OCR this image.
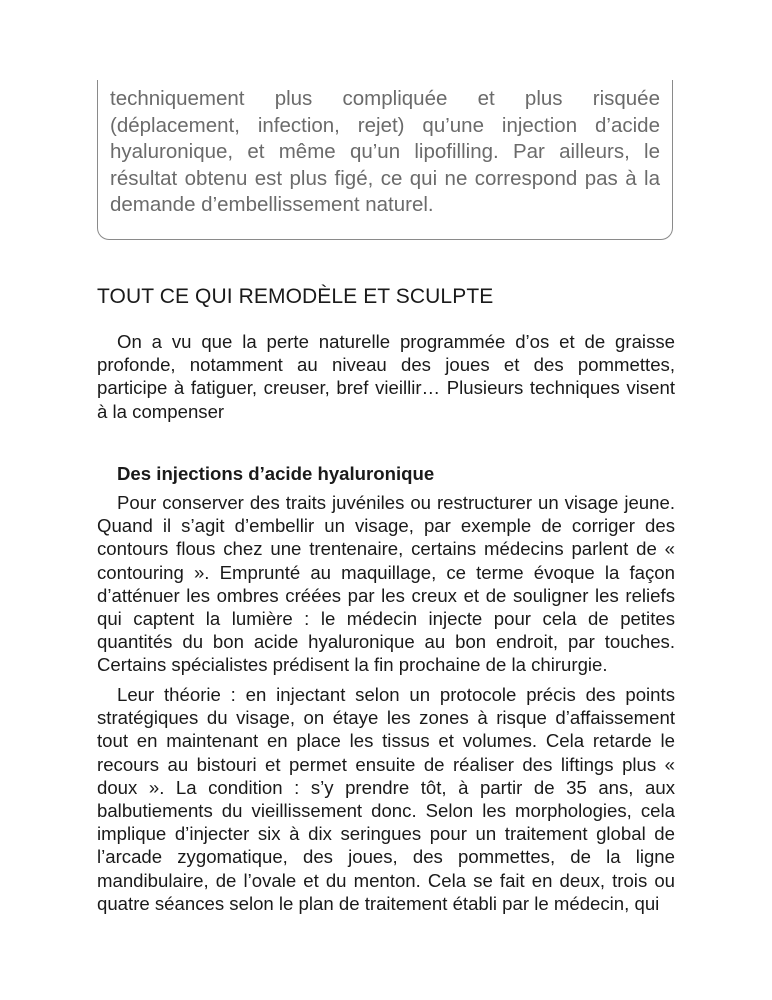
techniquement plus compliquée et plus risquée (déplacement, infection, rejet) qu’une injection d’acide hyaluronique, et même qu’un lipofilling. Par ailleurs, le résultat obtenu est plus figé, ce qui ne correspond pas à la demande d’embellissement naturel.

TOUT CE QUI REMODÈLE ET SCULPTE

On a vu que la perte naturelle programmée d’os et de graisse profonde, notamment au niveau des joues et des pommettes, participe à fatiguer, creuser, bref vieillir… Plusieurs techniques visent à la compenser

Des injections d’acide hyaluronique

Pour conserver des traits juvéniles ou restructurer un visage jeune. Quand il s’agit d’embellir un visage, par exemple de corriger des contours flous chez une trentenaire, certains médecins parlent de « contouring ». Emprunté au maquillage, ce terme évoque la façon d’atténuer les ombres créées par les creux et de souligner les reliefs qui captent la lumière : le médecin injecte pour cela de petites quantités du bon acide hyaluronique au bon endroit, par touches. Certains spécialistes prédisent la fin prochaine de la chirurgie.

Leur théorie : en injectant selon un protocole précis des points stratégiques du visage, on étaye les zones à risque d’affaissement tout en maintenant en place les tissus et volumes. Cela retarde le recours au bistouri et permet ensuite de réaliser des liftings plus « doux ». La condition : s’y prendre tôt, à partir de 35 ans, aux balbutiements du vieillissement donc. Selon les morphologies, cela implique d’injecter six à dix seringues pour un traitement global de l’arcade zygomatique, des joues, des pommettes, de la ligne mandibulaire, de l’ovale et du menton. Cela se fait en deux, trois ou quatre séances selon le plan de traitement établi par le médecin, qui
